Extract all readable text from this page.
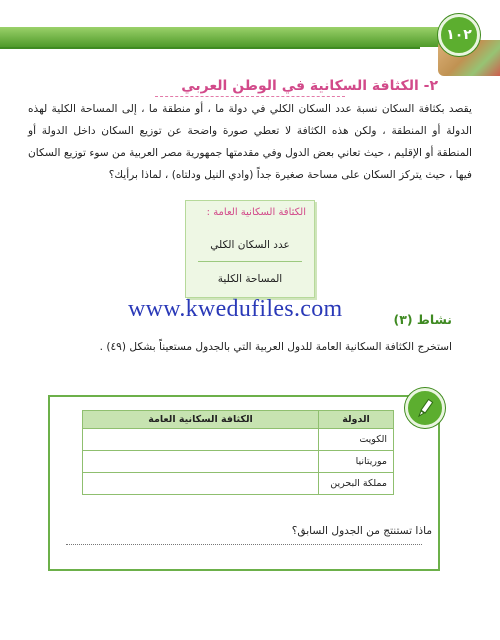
١٠٢
٢- الكثافة السكانية في الوطن العربي
يقصد بكثافة السكان نسبة عدد السكان الكلي في دولة ما ، أو منطقة ما ، إلى المساحة الكلية لهذه الدولة أو المنطقة ، ولكن هذه الكثافة لا تعطي صورة واضحة عن توزيع السكان داخل الدولة أو المنطقة أو الإقليم ، حيث تعاني بعض الدول وفي مقدمتها جمهورية مصر العربية من سوء توزيع السكان فيها ، حيث يتركز السكان على مساحة صغيرة جداً (وادي النيل ودلتاه) ، لماذا برأيك؟
الكثافة السكانية العامة :
عدد السكان الكلي
المساحة الكلية
www.kwedufiles.com	نشاط (٣)
استخرج الكثافة السكانية العامة للدول العربية التي بالجدول مستعيناً بشكل (٤٩) .
الدولة	الكثافة السكانية العامة
الكويت	
موريتانيا	
مملكة البحرين	
ماذا تستنتج من الجدول السابق؟
